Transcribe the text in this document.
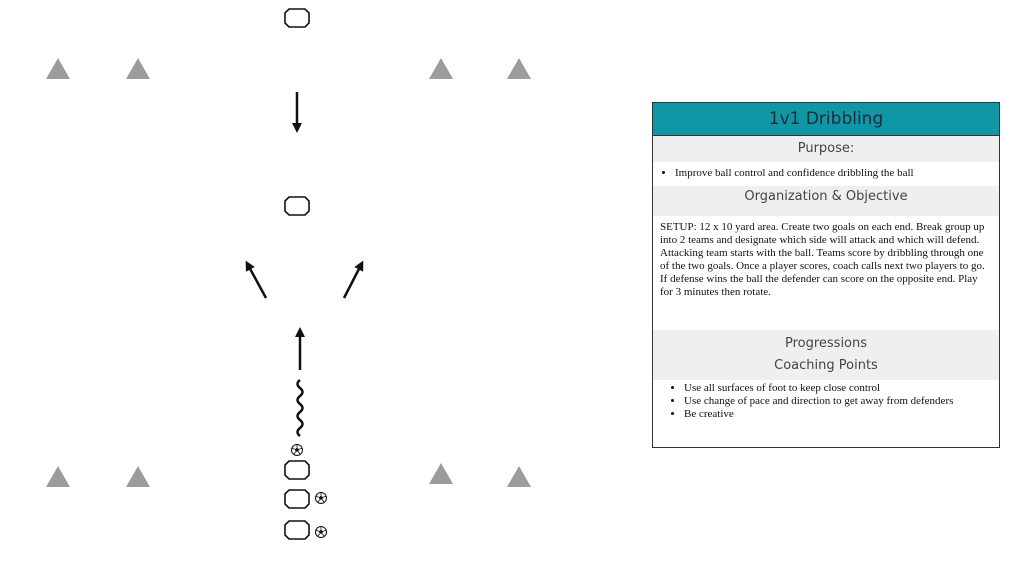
1v1 Dribbling
Purpose:
• Improve ball control and confidence dribbling the ball
Organization & Objective
SETUP: 12 x 10 yard area. Create two goals on each end. Break group up into 2 teams and designate which side will attack and which will defend. Attacking team starts with the ball. Teams score by dribbling through one of the two goals. Once a player scores, coach calls next two players to go. If defense wins the ball the defender can score on the opposite end. Play for 3 minutes then rotate.
Progressions
Coaching Points
• Use all surfaces of foot to keep close control
• Use change of pace and direction to get away from defenders
• Be creative
